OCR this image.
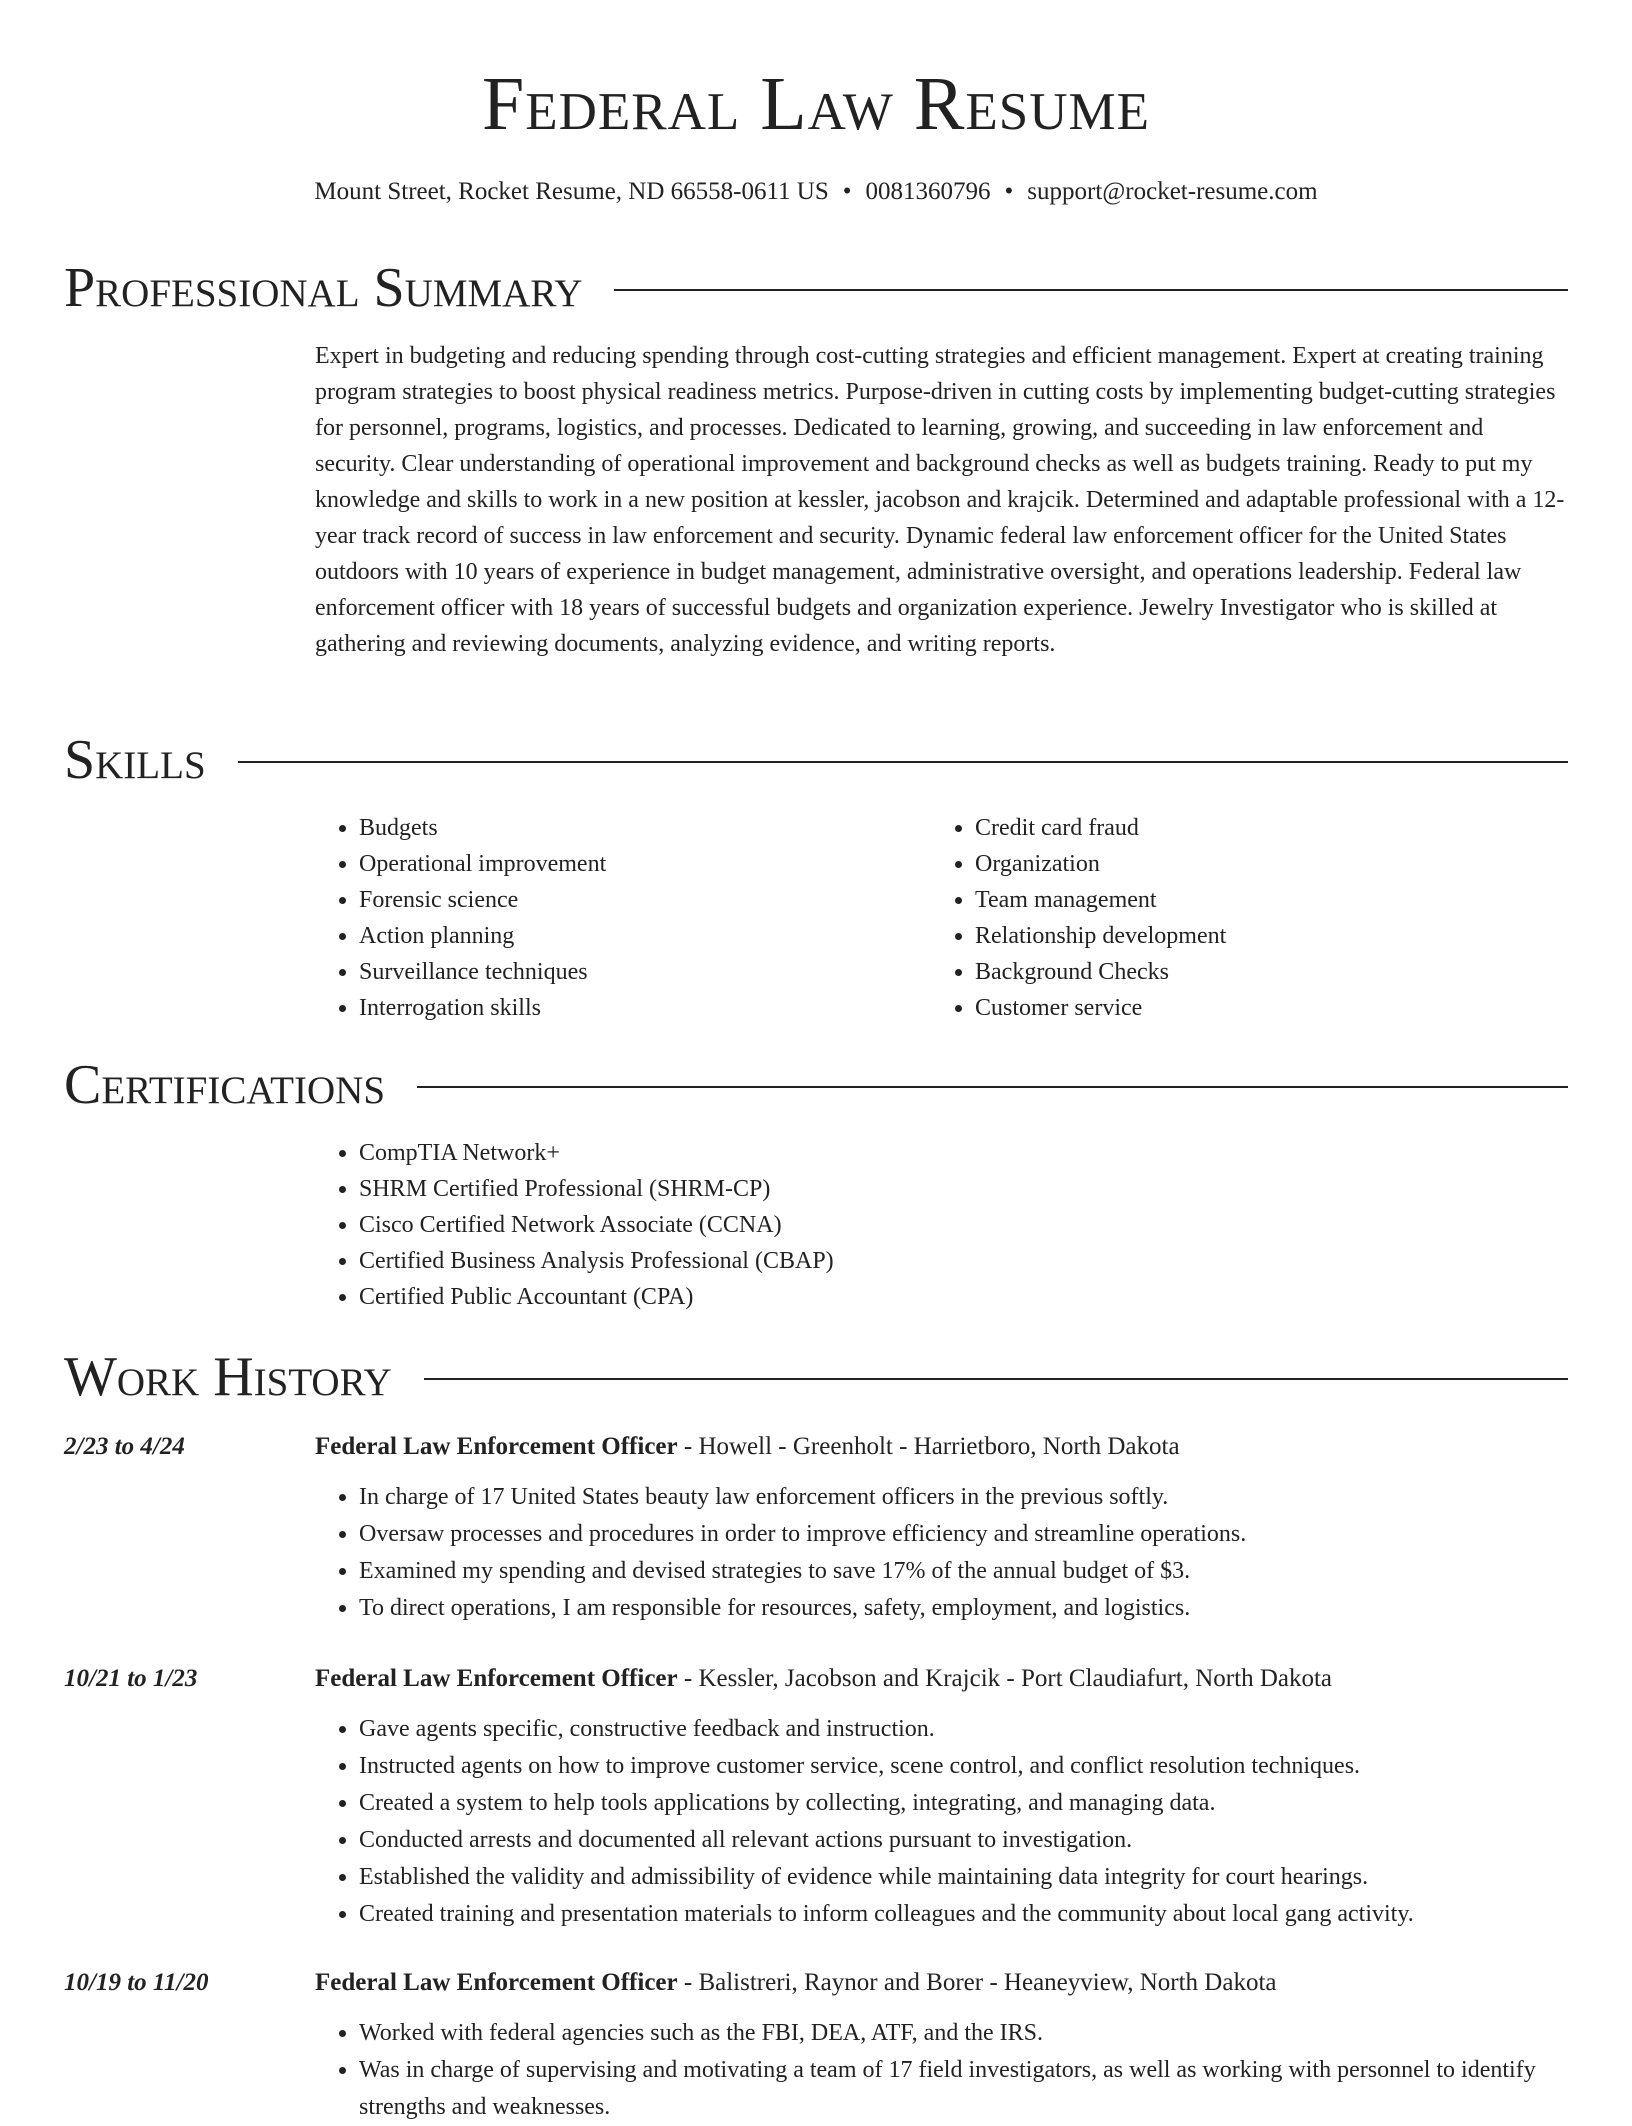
Federal Law Resume
Mount Street, Rocket Resume, ND 66558-0611 US • 0081360796 • support@rocket-resume.com
Professional Summary

Expert in budgeting and reducing spending through cost-cutting strategies and efficient management. Expert at creating training program strategies to boost physical readiness metrics. Purpose-driven in cutting costs by implementing budget-cutting strategies for personnel, programs, logistics, and processes. Dedicated to learning, growing, and succeeding in law enforcement and security. Clear understanding of operational improvement and background checks as well as budgets training. Ready to put my knowledge and skills to work in a new position at kessler, jacobson and krajcik. Determined and adaptable professional with a 12-year track record of success in law enforcement and security. Dynamic federal law enforcement officer for the United States outdoors with 10 years of experience in budget management, administrative oversight, and operations leadership. Federal law enforcement officer with 18 years of successful budgets and organization experience. Jewelry Investigator who is skilled at gathering and reviewing documents, analyzing evidence, and writing reports.

Skills
• Budgets
• Operational improvement
• Forensic science
• Action planning
• Surveillance techniques
• Interrogation skills
• Credit card fraud
• Organization
• Team management
• Relationship development
• Background Checks
• Customer service
Certifications
• CompTIA Network+
• SHRM Certified Professional (SHRM-CP)
• Cisco Certified Network Associate (CCNA)
• Certified Business Analysis Professional (CBAP)
• Certified Public Accountant (CPA)
Work History
2/23 to 4/24	Federal Law Enforcement Officer - Howell - Greenholt - Harrietboro, North Dakota
• In charge of 17 United States beauty law enforcement officers in the previous softly.
• Oversaw processes and procedures in order to improve efficiency and streamline operations.
• Examined my spending and devised strategies to save 17% of the annual budget of $3.
• To direct operations, I am responsible for resources, safety, employment, and logistics.
10/21 to 1/23	Federal Law Enforcement Officer - Kessler, Jacobson and Krajcik - Port Claudiafurt, North Dakota
• Gave agents specific, constructive feedback and instruction.
• Instructed agents on how to improve customer service, scene control, and conflict resolution techniques.
• Created a system to help tools applications by collecting, integrating, and managing data.
• Conducted arrests and documented all relevant actions pursuant to investigation.
• Established the validity and admissibility of evidence while maintaining data integrity for court hearings.
• Created training and presentation materials to inform colleagues and the community about local gang activity.
10/19 to 11/20	Federal Law Enforcement Officer - Balistreri, Raynor and Borer - Heaneyview, North Dakota
• Worked with federal agencies such as the FBI, DEA, ATF, and the IRS.
• Was in charge of supervising and motivating a team of 17 field investigators, as well as working with personnel to identify strengths and weaknesses.
